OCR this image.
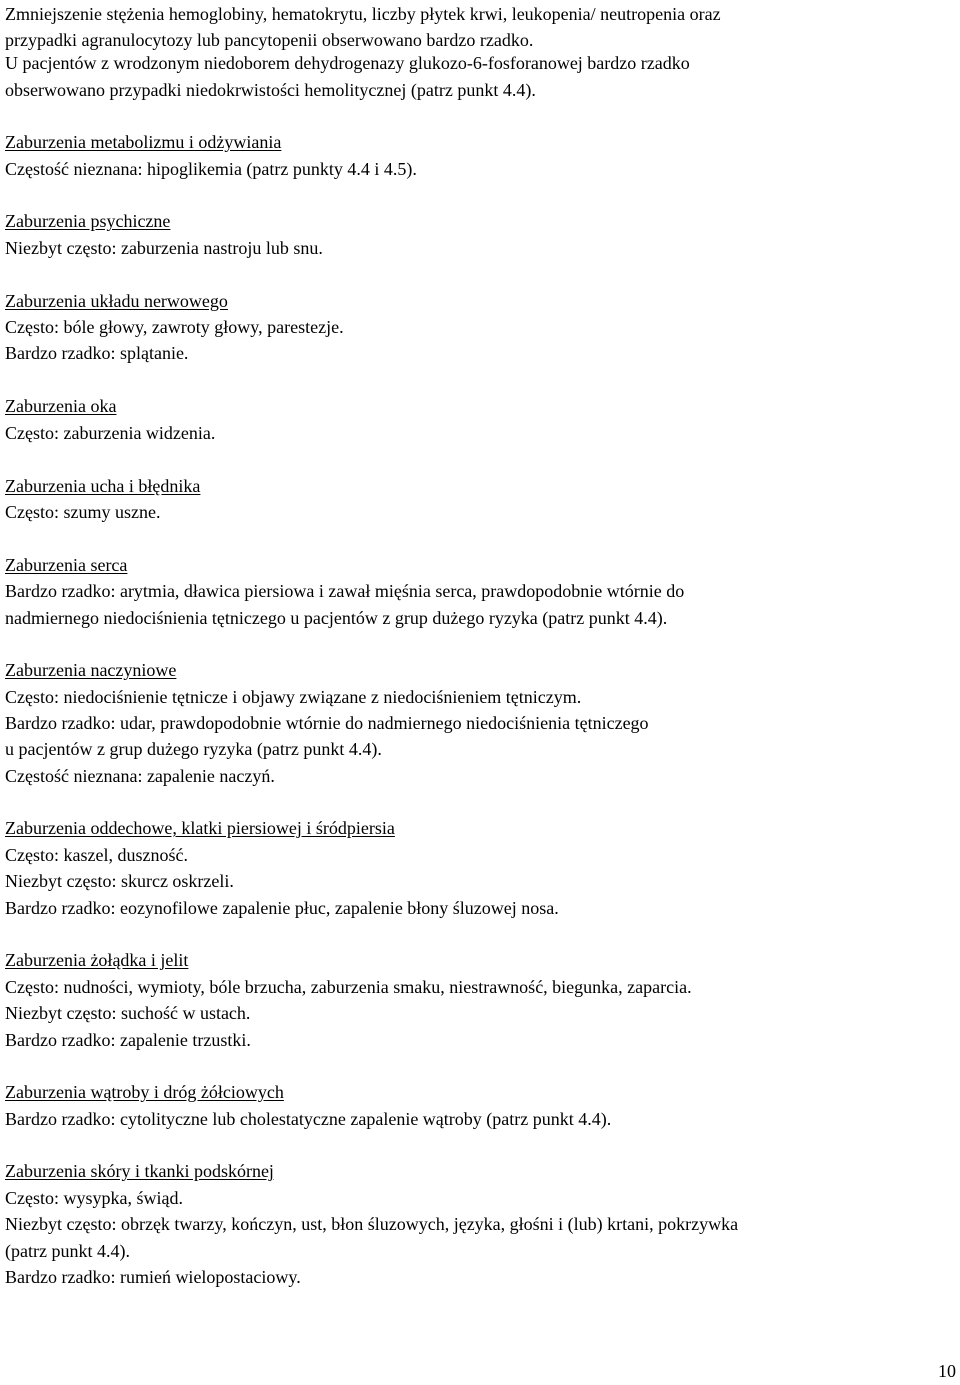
Zmniejszenie stężenia hemoglobiny, hematokrytu, liczby płytek krwi, leukopenia/ neutropenia oraz
przypadki agranulocytozy lub pancytopenii obserwowano bardzo rzadko.
U pacjentów z wrodzonym niedoborem dehydrogenazy glukozo-6-fosforanowej bardzo rzadko
obserwowano przypadki niedokrwistości hemolitycznej (patrz punkt 4.4).
Zaburzenia metabolizmu i odżywiania
Częstość nieznana: hipoglikemia (patrz punkty 4.4 i 4.5).
Zaburzenia psychiczne
Niezbyt często: zaburzenia nastroju lub snu.
Zaburzenia układu nerwowego
Często: bóle głowy, zawroty głowy, parestezje.
Bardzo rzadko: splątanie.
Zaburzenia oka
Często: zaburzenia widzenia.
Zaburzenia ucha i błędnika
Często: szumy uszne.
Zaburzenia serca
Bardzo rzadko: arytmia, dławica piersiowa i zawał mięśnia serca, prawdopodobnie wtórnie do
nadmiernego niedociśnienia tętniczego u pacjentów z grup dużego ryzyka (patrz punkt 4.4).
Zaburzenia naczyniowe
Często: niedociśnienie tętnicze i objawy związane z niedociśnieniem tętniczym.
Bardzo rzadko: udar, prawdopodobnie wtórnie do nadmiernego niedociśnienia tętniczego
u pacjentów z grup dużego ryzyka (patrz punkt 4.4).
Częstość nieznana: zapalenie naczyń.
Zaburzenia oddechowe, klatki piersiowej i śródpiersia
Często: kaszel, duszność.
Niezbyt często: skurcz oskrzeli.
Bardzo rzadko: eozynofilowe zapalenie płuc, zapalenie błony śluzowej nosa.
Zaburzenia żołądka i jelit
Często: nudności, wymioty, bóle brzucha, zaburzenia smaku, niestrawność, biegunka, zaparcia.
Niezbyt często: suchość w ustach.
Bardzo rzadko: zapalenie trzustki.
Zaburzenia wątroby i dróg żółciowych
Bardzo rzadko: cytolityczne lub cholestatyczne zapalenie wątroby (patrz punkt 4.4).
Zaburzenia skóry i tkanki podskórnej
Często: wysypka, świąd.
Niezbyt często: obrzęk twarzy, kończyn, ust, błon śluzowych, języka, głośni i (lub) krtani, pokrzywka
(patrz punkt 4.4).
Bardzo rzadko: rumień wielopostaciowy.
10
